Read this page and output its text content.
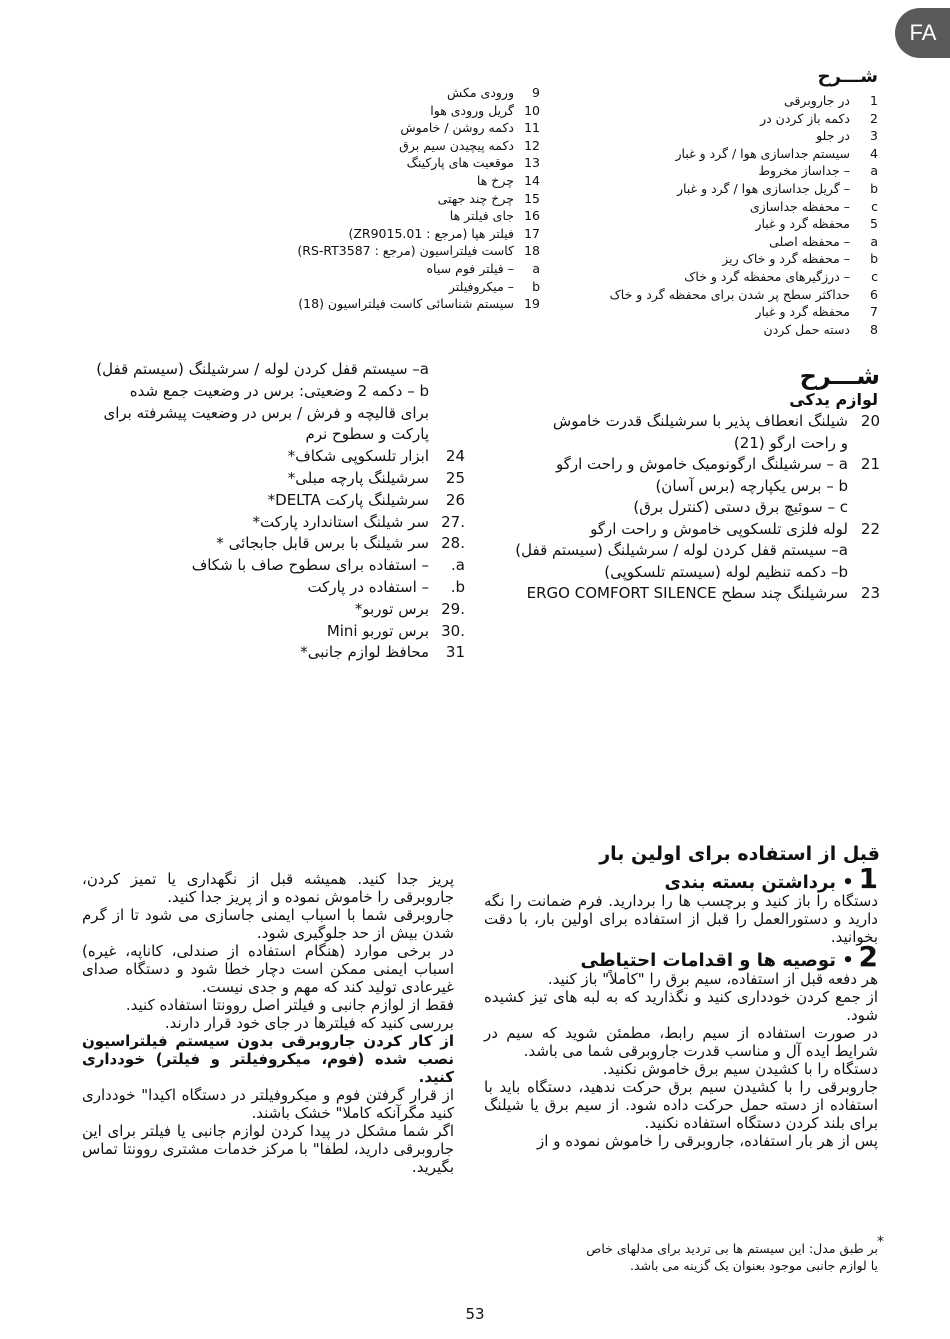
FA
شـــرح
1در جاروبرقی
2دکمه باز کردن در
3در جلو
4سیستم جداسازی هوا / گرد و غبار
a– جداساز مخروط
b– گریل جداسازی هوا / گرد و غبار
c– محفظه جداسازی
5محفظه گرد و غبار
a– محفظه اصلی
b– محفظه گرد و خاک ریز
c– درزگیرهای محفظه گرد و خاک
6حداکثر سطح پر شدن برای محفظه گرد و خاک
7محفظه گرد و غبار
8دسته حمل کردن
9ورودی مکش
10گریل ورودی هوا
11دکمه روشن / خاموش
12دکمه پیچیدن سیم برق
13موقعیت های پارکینگ
14چرخ ها
15چرخ چند جهتی
16جای فیلتر ها
17فیلتر هپا (مرجع : ZR9015.01)
18کاست فیلتراسیون (مرجع : RS-RT3587)
a– فیلتر فوم سیاه
b– میکروفیلتر
19سیستم شناسائی کاست فیلتراسیون (18)
شـــرح
لوازم یدکی
20شیلنگ انعطاف پذیر با سرشیلنگ قدرت خاموش
و راحت ارگو (21)
21a – سرشیلنگ ارگونومیک خاموش و راحت ارگو
b – برس یکپارچه (برس آسان)
c – سوئیچ برق دستی (کنترل برق)
22لوله فلزی تلسکوپی خاموش و راحت ارگو
a– سیستم قفل کردن لوله / سرشیلنگ (سیستم قفل)
b– دکمه تنظیم لوله (سیستم تلسکوپی)
23سرشیلنگ چند سطح ERGO COMFORT SILENCE
a– سیستم قفل کردن لوله / سرشیلنگ (سیستم قفل)
b – دکمه 2 وضعیتی: برس در وضعیت جمع شده
برای قالیچه و فرش / برس در وضعیت پیشرفته برای
پارکت و سطوح نرم
24ابزار تلسکوپی شکاف*
25سرشیلنگ پارچه مبلی*
26سرشیلنگ پارکت DELTA*
.27سر شیلنگ استاندارد پارکت*
.28سر شیلنگ با برس قابل جابجائی *
a.– استفاده برای سطوح صاف با شکاف
b.– استفاده در پارکت
.29برس توربو*
.30برس توربو Mini
31محافظ لوازم جانبی*
قبل از استفاده برای اولین بار
1 • برداشتن بسته بندی

دستگاه را باز کنید و برچسب ها را بردارید. فرم ضمانت را نگه دارید و دستورالعمل را قبل از استفاده برای اولین بار، با دقت بخوانید.

2 • توصیه ها و اقدامات احتیاطی

هر دفعه قبل از استفاده، سیم برق را "کاملاً" باز کنید.

از جمع کردن خودداری کنید و نگذارید که به لبه های تیز کشیده شود.

در صورت استفاده از سیم رابط، مطمئن شوید که سیم در شرایط ایده آل و مناسب قدرت جاروبرقی شما می باشد.

دستگاه را با کشیدن سیم برق خاموش نکنید.

جاروبرقی را با کشیدن سیم برق حرکت ندهید، دستگاه باید با استفاده از دسته حمل حرکت داده شود. از سیم برق یا شیلنگ برای بلند کردن دستگاه استفاده نکنید.

پس از هر بار استفاده، جاروبرقی را خاموش نموده و از

پریز جدا کنید. همیشه قبل از نگهداری یا تمیز کردن، جاروبرقی را خاموش نموده و از پریز جدا کنید.

جاروبرقی شما با اسباب ایمنی جاسازی می شود تا از گرم شدن بیش از حد جلوگیری شود.

در برخی موارد (هنگام استفاده از صندلی، کاناپه، غیره) اسباب ایمنی ممکن است دچار خطا شود و دستگاه صدای غیرعادی تولید کند که مهم و جدی نیست.

فقط از لوازم جانبی و فیلتر اصل روونتا استفاده کنید.

بررسی کنید که فیلترها در جای خود قرار دارند.

از کار کردن جاروبرقی بدون سیستم فیلتراسیون نصب شده (فوم، میکروفیلتر و فیلتر) خودداری کنید.

از قرار گرفتن فوم و میکروفیلتر در دستگاه اکیدا" خودداری کنید مگرآنکه کاملا" خشک باشند.

اگر شما مشکل در پیدا کردن لوازم جانبی یا فیلتر برای این جاروبرقی دارید، لطفا" با مرکز خدمات مشتری روونتا تماس بگیرید.

*
بر طبق مدل: این سیستم ها بی تردید برای مدلهای خاص
یا لوازم جانبی موجود بعنوان یک گزینه می باشد.
53
